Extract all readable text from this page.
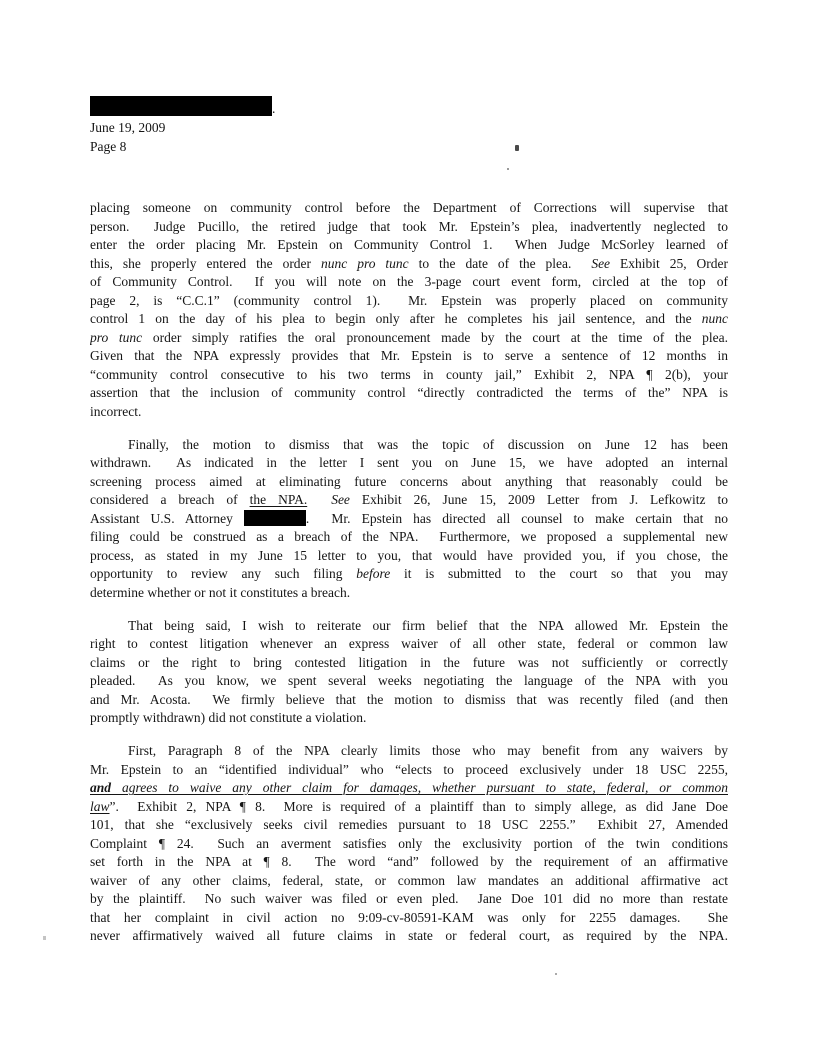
.
June 19, 2009
Page 8
placing someone on community control before the Department of Corrections will supervise that
person.  Judge Pucillo, the retired judge that took Mr. Epstein’s plea, inadvertently neglected to
enter the order placing Mr. Epstein on Community Control 1.  When Judge McSorley learned of
this, she properly entered the order nunc pro tunc to the date of the plea.  See Exhibit 25, Order
of Community Control.  If you will note on the 3-page court event form, circled at the top of
page 2, is “C.C.1” (community control 1).  Mr. Epstein was properly placed on community
control 1 on the day of his plea to begin only after he completes his jail sentence, and the nunc
pro tunc order simply ratifies the oral pronouncement made by the court at the time of the plea.
Given that the NPA expressly provides that Mr. Epstein is to serve a sentence of 12 months in
“community control consecutive to his two terms in county jail,” Exhibit 2, NPA ¶ 2(b), your
assertion that the inclusion of community control “directly contradicted the terms of the” NPA is
incorrect.
Finally, the motion to dismiss that was the topic of discussion on June 12 has been
withdrawn.  As indicated in the letter I sent you on June 15, we have adopted an internal
screening process aimed at eliminating future concerns about anything that reasonably could be
considered a breach of the NPA. See Exhibit 26, June 15, 2009 Letter from J. Lefkowitz to
Assistant U.S. Attorney	.  Mr. Epstein has directed all counsel to make certain that no
filing could be construed as a breach of the NPA.  Furthermore, we proposed a supplemental new
process, as stated in my June 15 letter to you, that would have provided you, if you chose, the
opportunity to review any such filing before it is submitted to the court so that you may
determine whether or not it constitutes a breach.
That being said, I wish to reiterate our firm belief that the NPA allowed Mr. Epstein the
right to contest litigation whenever an express waiver of all other state, federal or common law
claims or the right to bring contested litigation in the future was not sufficiently or correctly
pleaded.  As you know, we spent several weeks negotiating the language of the NPA with you
and Mr. Acosta.  We firmly believe that the motion to dismiss that was recently filed (and then
promptly withdrawn) did not constitute a violation.
First, Paragraph 8 of the NPA clearly limits those who may benefit from any waivers by
Mr. Epstein to an “identified individual” who “elects to proceed exclusively under 18 USC 2255,
and agrees to waive any other claim for damages, whether pursuant to state, federal, or common
law”.  Exhibit 2, NPA ¶ 8.  More is required of a plaintiff than to simply allege, as did Jane Doe
101, that she “exclusively seeks civil remedies pursuant to 18 USC 2255.”  Exhibit 27, Amended
Complaint ¶ 24.  Such an averment satisfies only the exclusivity portion of the twin conditions
set forth in the NPA at ¶ 8.  The word “and” followed by the requirement of an affirmative
waiver of any other claims, federal, state, or common law mandates an additional affirmative act
by the plaintiff.  No such waiver was filed or even pled.  Jane Doe 101 did no more than restate
that her complaint in civil action no 9:09-cv-80591-KAM was only for 2255 damages.  She
never affirmatively waived all future claims in state or federal court, as required by the NPA.
